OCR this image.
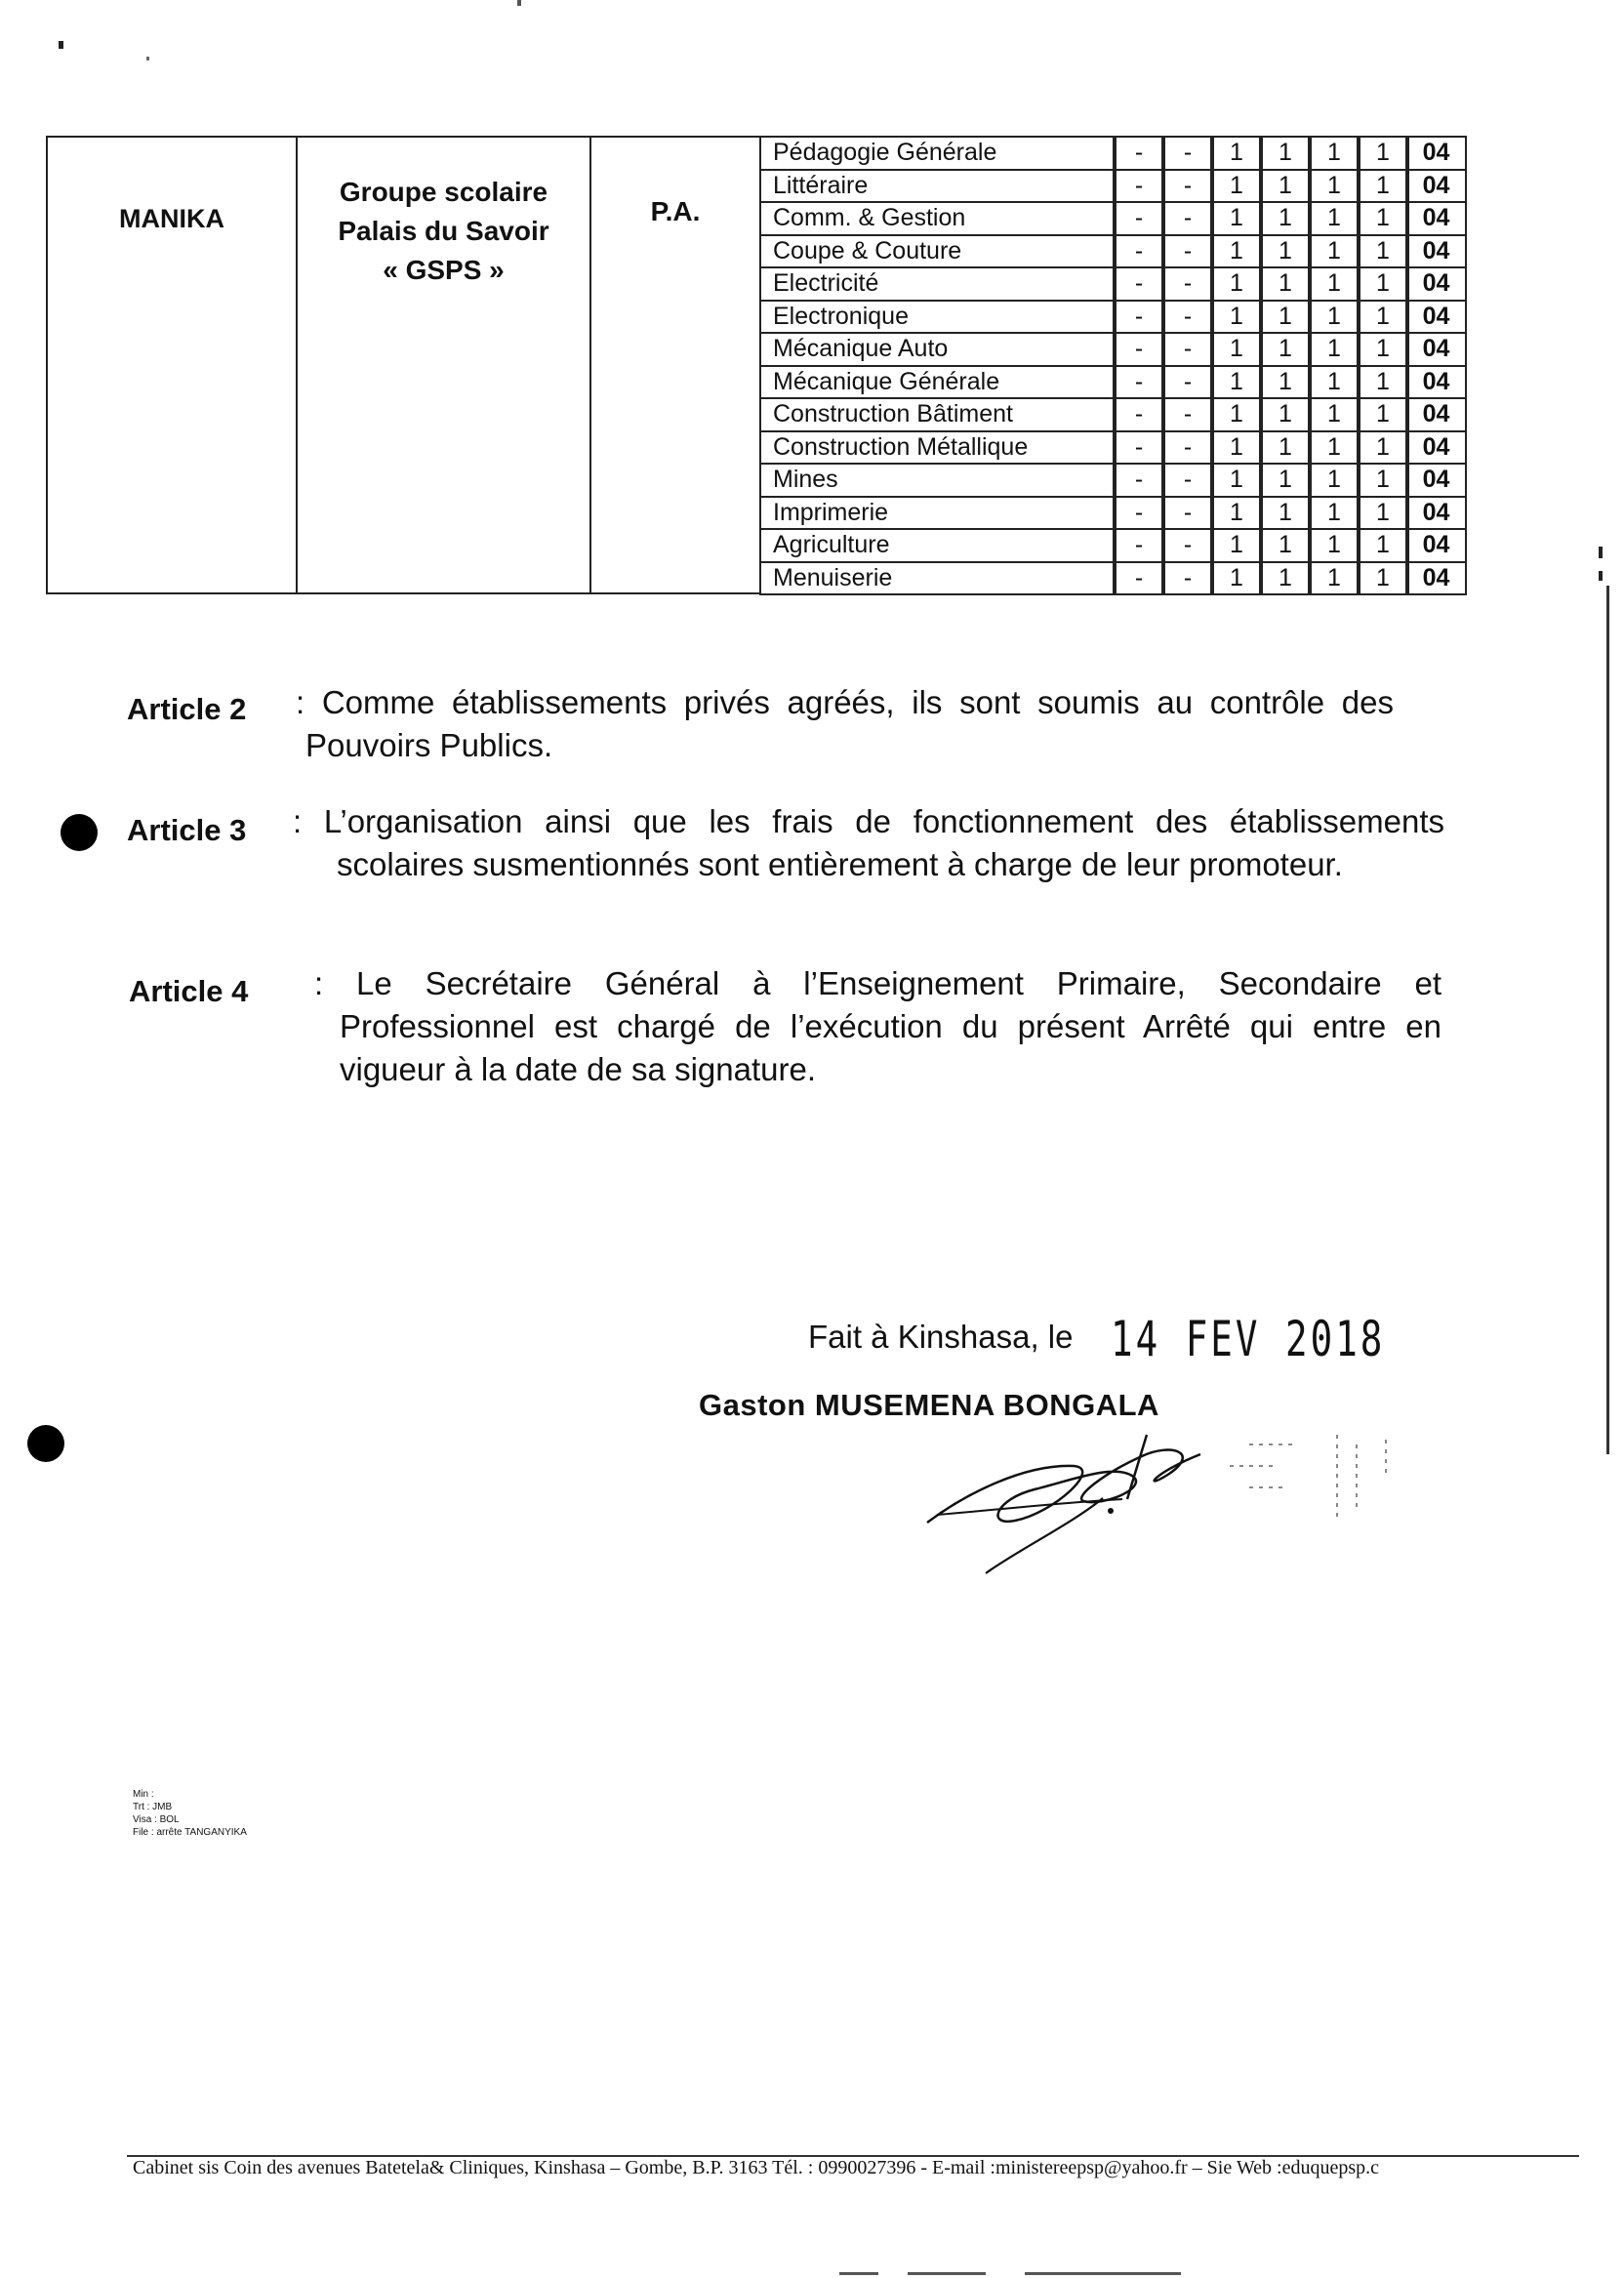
MANIKA
Groupe scolaire
Palais du Savoir
« GSPS »
P.A.
Pédagogie Générale	-	-	1	1	1	1	04
Littéraire	-	-	1	1	1	1	04
Comm. & Gestion	-	-	1	1	1	1	04
Coupe & Couture	-	-	1	1	1	1	04
Electricité	-	-	1	1	1	1	04
Electronique	-	-	1	1	1	1	04
Mécanique Auto	-	-	1	1	1	1	04
Mécanique Générale	-	-	1	1	1	1	04
Construction Bâtiment	-	-	1	1	1	1	04
Construction Métallique	-	-	1	1	1	1	04
Mines	-	-	1	1	1	1	04
Imprimerie	-	-	1	1	1	1	04
Agriculture	-	-	1	1	1	1	04
Menuiserie	-	-	1	1	1	1	04
Article 2 : Comme établissements privés agréés, ils sont soumis au contrôle des Pouvoirs Publics.
Article 3 : L’organisation ainsi que les frais de fonctionnement des établissements scolaires susmentionnés sont entièrement à charge de leur promoteur.
Article 4 : Le Secrétaire Général à l’Enseignement Primaire, Secondaire et Professionnel est chargé de l’exécution du présent Arrêté qui entre en vigueur à la date de sa signature.
Fait à Kinshasa, le 14 FEV 2018
Gaston MUSEMENA BONGALA
Min :
Trt : JMB
Visa : BOL
File : arrête TANGANYIKA
Cabinet sis Coin des avenues Batetela& Cliniques, Kinshasa – Gombe, B.P. 3163 Tél. : 0990027396 - E-mail :ministereepsp@yahoo.fr – Sie Web :eduquepsp.c
